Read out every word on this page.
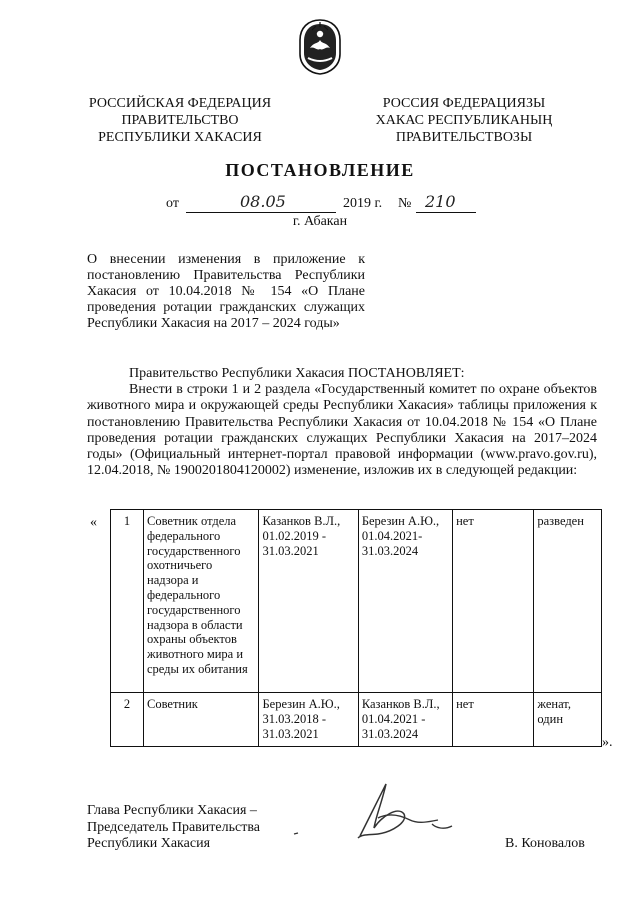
РОССИЙСКАЯ ФЕДЕРАЦИЯ
ПРАВИТЕЛЬСТВО
РЕСПУБЛИКИ ХАКАСИЯ
РОССИЯ ФЕДЕРАЦИЯЗЫ
ХАКАС РЕСПУБЛИКАНЫҢ
ПРАВИТЕЛЬСТВОЗЫ
ПОСТАНОВЛЕНИЕ
от	08.05	2019 г. № 210
г. Абакан
О внесении изменения в приложение к постановлению Правительства Республики Хакасия от 10.04.2018 № 154 «О Плане проведения ротации гражданских служащих Республики Хакасия на 2017 – 2024 годы»
Правительство Республики Хакасия ПОСТАНОВЛЯЕТ:
Внести в строки 1 и 2 раздела «Государственный комитет по охране объектов животного мира и окружающей среды Республики Хакасия» таблицы приложения к постановлению Правительства Республики Хакасия от 10.04.2018 № 154 «О Плане проведения ротации гражданских служащих Республики Хакасия на 2017–2024 годы» (Официальный интернет-портал правовой информации (www.pravo.gov.ru), 12.04.2018, № 1900201804120002) изменение, изложив их в следующей редакции:
« 1	Советник отдела федерального государственного охотничьего надзора и федерального государственного надзора в области охраны объектов животного мира и среды их обитания	Казанков В.Л., 01.02.2019 - 31.03.2021	Березин А.Ю., 01.04.2021- 31.03.2024	нет	разведен
2	Советник	Березин А.Ю., 31.03.2018 - 31.03.2021	Казанков В.Л., 01.04.2021 - 31.03.2024	нет	женат, один
».
Глава Республики Хакасия –
Председатель Правительства
Республики Хакасия	В. Коновалов
